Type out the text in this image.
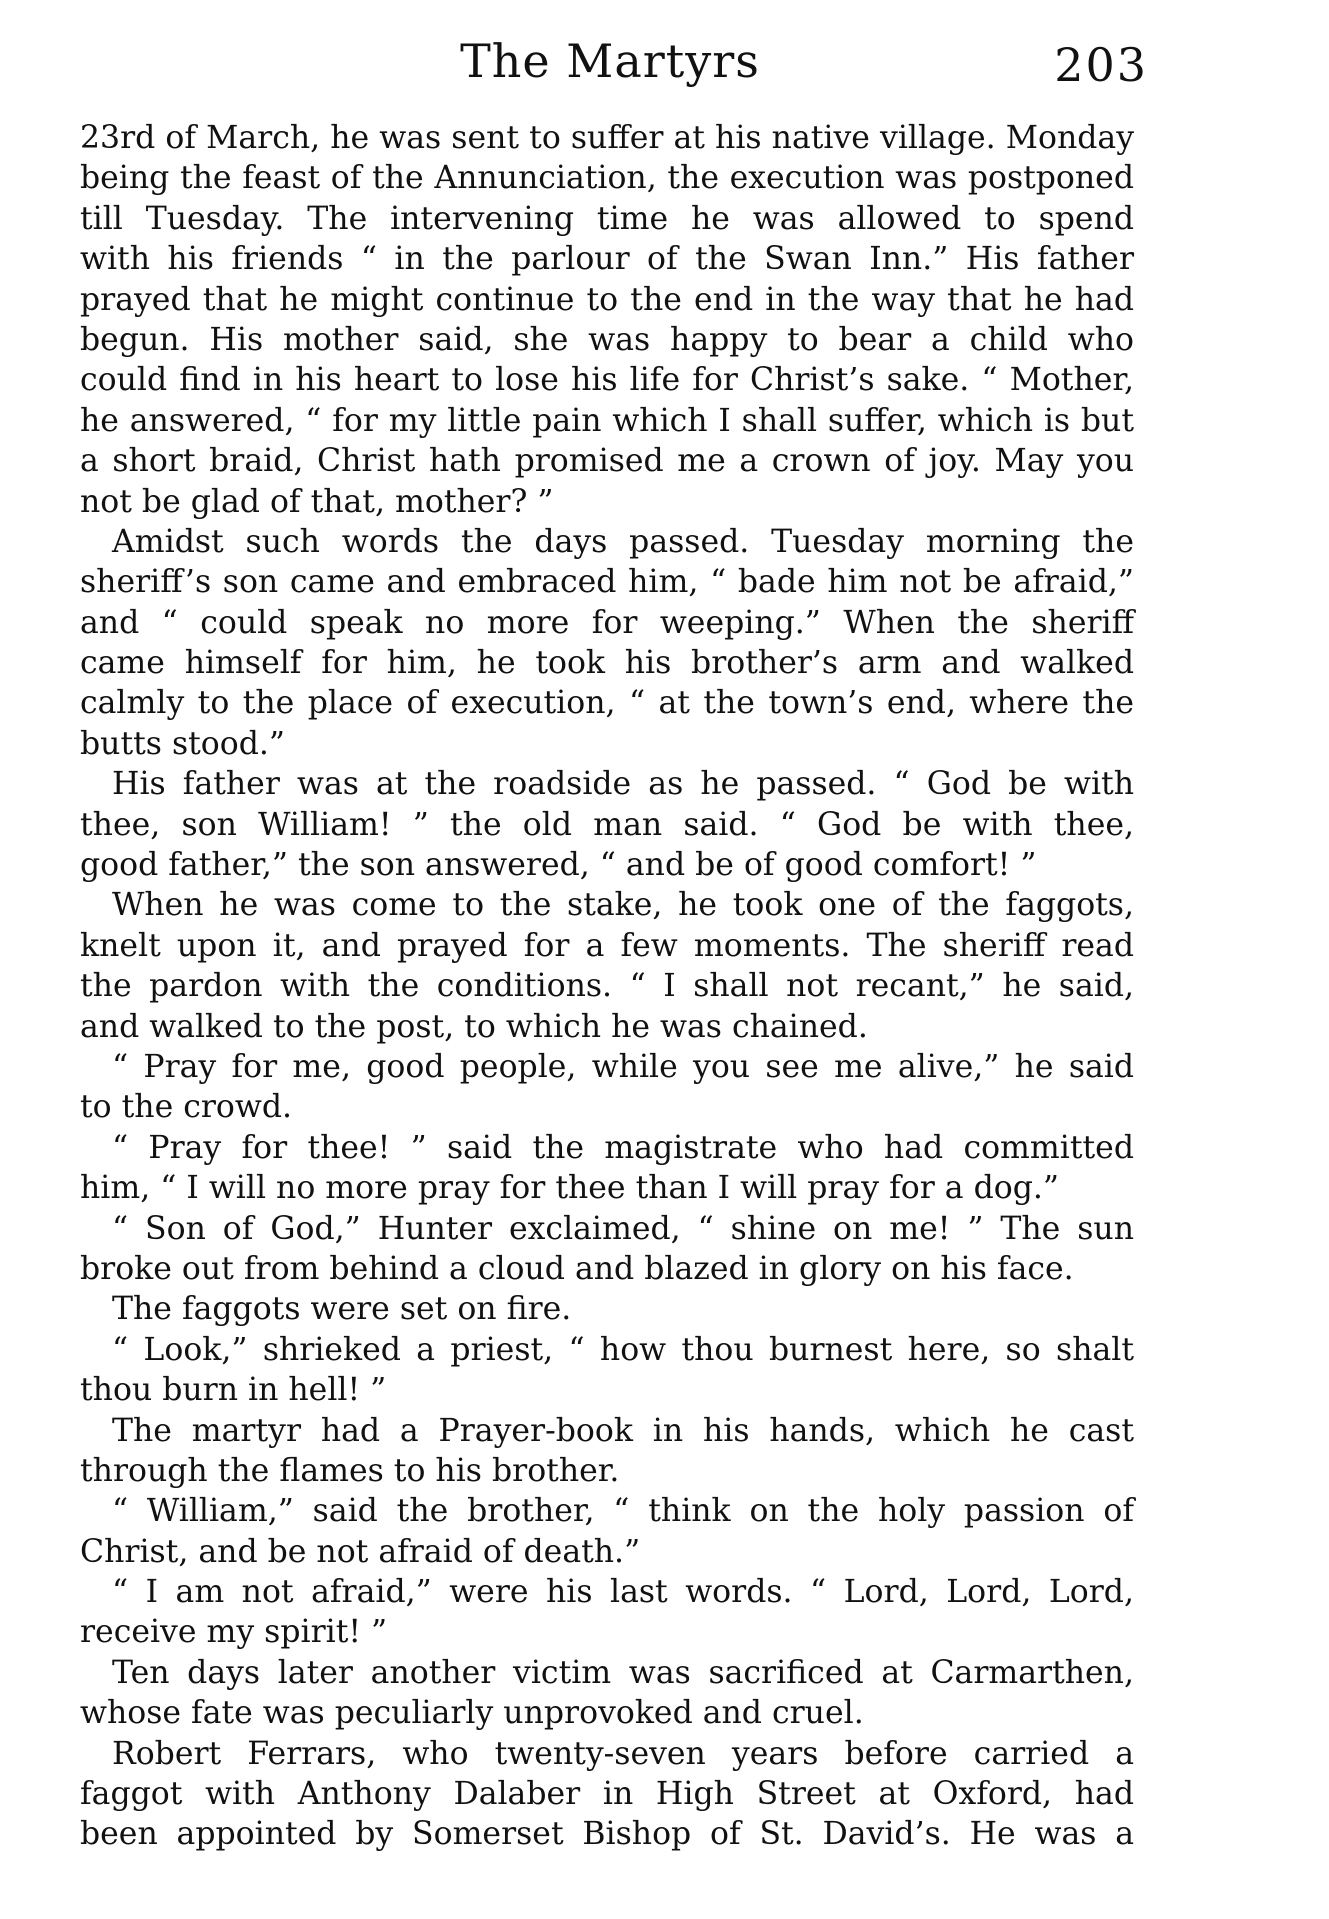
The Martyrs	203
23rd of March, he was sent to suffer at his native village. Monday
being the feast of the Annunciation, the execution was postponed
till Tuesday. The intervening time he was allowed to spend
with his friends “ in the parlour of the Swan Inn.” His father
prayed that he might continue to the end in the way that he had
begun. His mother said, she was happy to bear a child who
could find in his heart to lose his life for Christ’s sake. “ Mother,
he answered, “ for my little pain which I shall suffer, which is but
a short braid, Christ hath promised me a crown of joy. May you
not be glad of that, mother? ”
Amidst such words the days passed. Tuesday morning the
sheriff’s son came and embraced him, “ bade him not be afraid,”
and “ could speak no more for weeping.” When the sheriff
came himself for him, he took his brother’s arm and walked
calmly to the place of execution, “ at the town’s end, where the
butts stood.”
His father was at the roadside as he passed. “ God be with
thee, son William! ” the old man said. “ God be with thee,
good father,” the son answered, “ and be of good comfort! ”
When he was come to the stake, he took one of the faggots,
knelt upon it, and prayed for a few moments. The sheriff read
the pardon with the conditions. “ I shall not recant,” he said,
and walked to the post, to which he was chained.
“ Pray for me, good people, while you see me alive,” he said
to the crowd.
“ Pray for thee! ” said the magistrate who had committed
him, “ I will no more pray for thee than I will pray for a dog.”
“ Son of God,” Hunter exclaimed, “ shine on me! ” The sun
broke out from behind a cloud and blazed in glory on his face.
The faggots were set on fire.
“ Look,” shrieked a priest, “ how thou burnest here, so shalt
thou burn in hell! ”
The martyr had a Prayer-book in his hands, which he cast
through the flames to his brother.
“ William,” said the brother, “ think on the holy passion of
Christ, and be not afraid of death.”
“ I am not afraid,” were his last words. “ Lord, Lord, Lord,
receive my spirit! ”
Ten days later another victim was sacrificed at Carmarthen,
whose fate was peculiarly unprovoked and cruel.
Robert Ferrars, who twenty-seven years before carried a
faggot with Anthony Dalaber in High Street at Oxford, had
been appointed by Somerset Bishop of St. David’s. He was a
